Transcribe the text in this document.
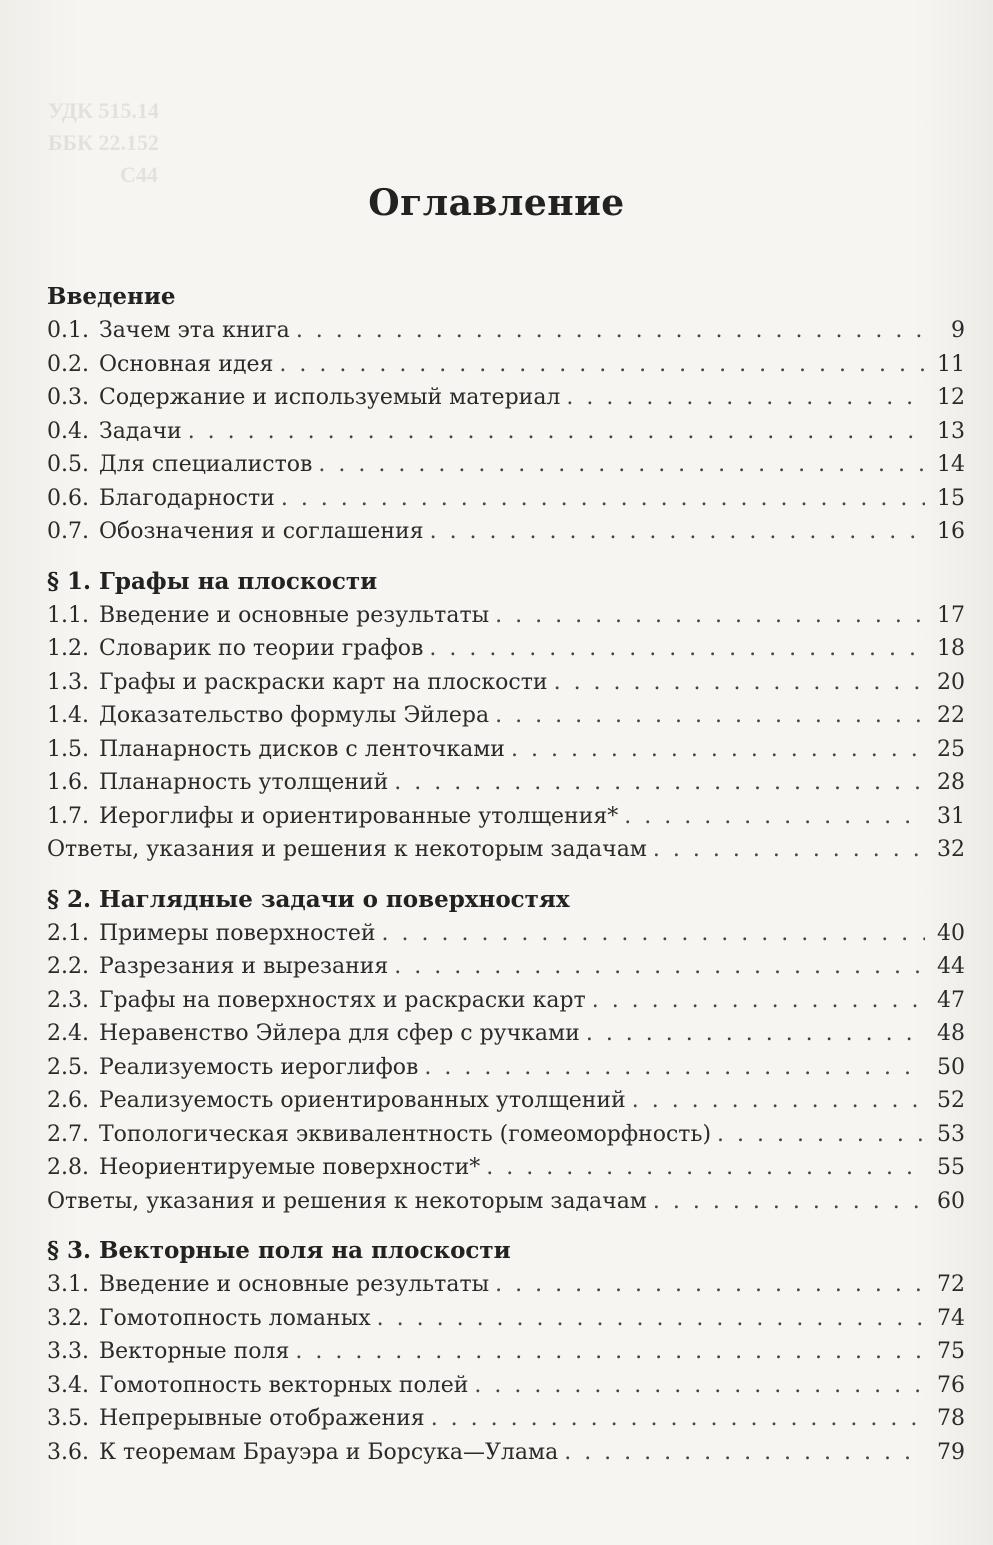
УДК 515.14
ББК 22.152
С44
Оглавление
Введение
0.1. Зачем эта книга . . .	9
0.2. Основная идея . . .	11
0.3. Содержание и используемый материал . . .	12
0.4. Задачи . . .	13
0.5. Для специалистов . . .	14
0.6. Благодарности . . .	15
0.7. Обозначения и соглашения . . .	16
§ 1. Графы на плоскости
1.1. Введение и основные результаты . . .	17
1.2. Словарик по теории графов . . .	18
1.3. Графы и раскраски карт на плоскости . . .	20
1.4. Доказательство формулы Эйлера . . .	22
1.5. Планарность дисков с ленточками . . .	25
1.6. Планарность утолщений . . .	28
1.7. Иероглифы и ориентированные утолщения* . . .	31
Ответы, указания и решения к некоторым задачам . . .	32
§ 2. Наглядные задачи о поверхностях
2.1. Примеры поверхностей . . .	40
2.2. Разрезания и вырезания . . .	44
2.3. Графы на поверхностях и раскраски карт . . .	47
2.4. Неравенство Эйлера для сфер с ручками . . .	48
2.5. Реализуемость иероглифов . . .	50
2.6. Реализуемость ориентированных утолщений . . .	52
2.7. Топологическая эквивалентность (гомеоморфность) . . .	53
2.8. Неориентируемые поверхности* . . .	55
Ответы, указания и решения к некоторым задачам . . .	60
§ 3. Векторные поля на плоскости
3.1. Введение и основные результаты . . .	72
3.2. Гомотопность ломаных . . .	74
3.3. Векторные поля . . .	75
3.4. Гомотопность векторных полей . . .	76
3.5. Непрерывные отображения . . .	78
3.6. К теоремам Брауэра и Борсука—Улама . . .	79
